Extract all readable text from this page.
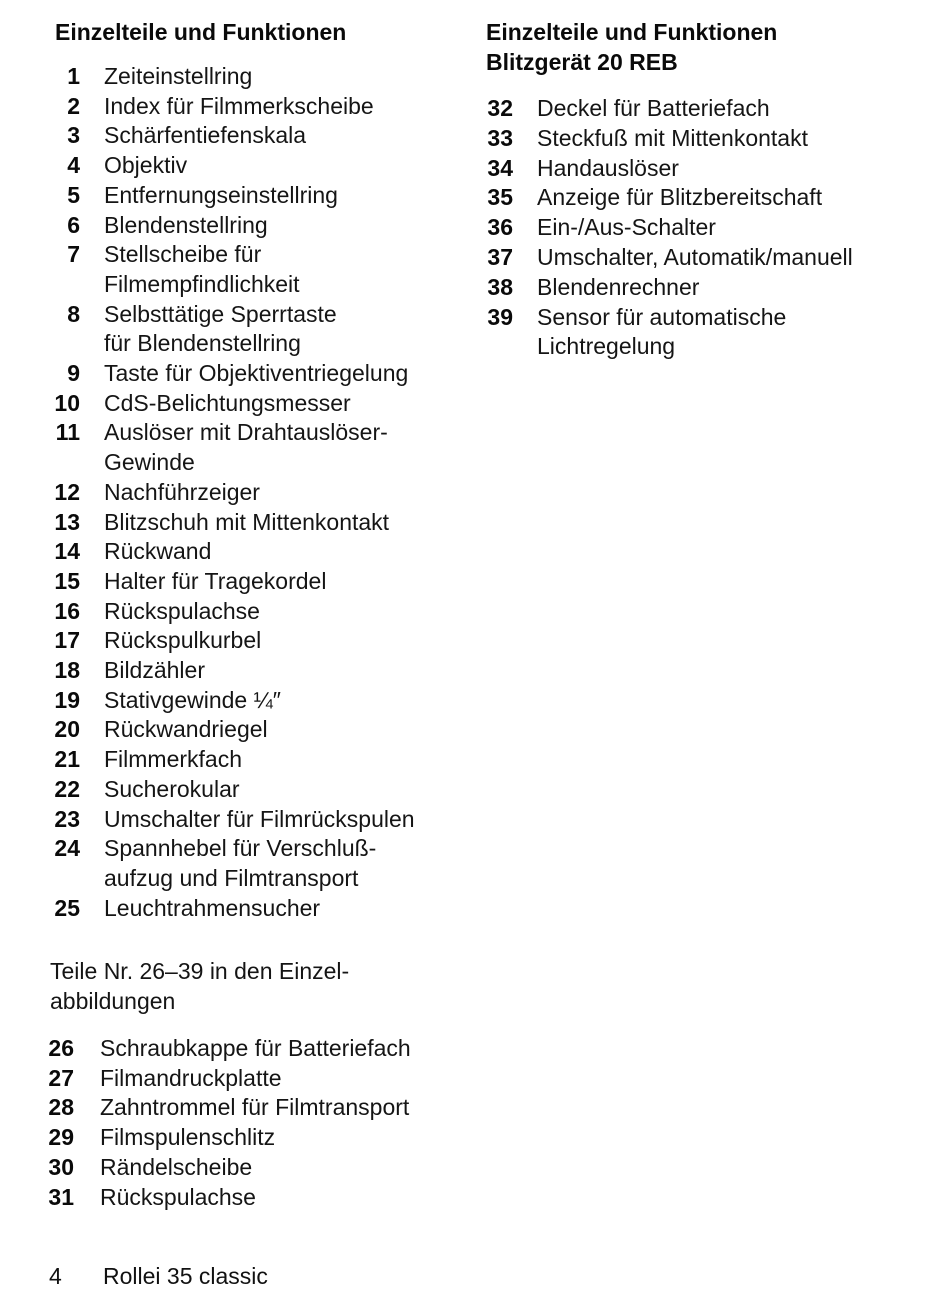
Einzelteile und Funktionen
1 Zeiteinstellring
2 Index für Filmmerkscheibe
3 Schärfentiefenskala
4 Objektiv
5 Entfernungseinstellring
6 Blendenstellring
7 Stellscheibe für
Filmempfindlichkeit
8 Selbsttätige Sperrtaste
für Blendenstellring
9 Taste für Objektiventriegelung
10 CdS-Belichtungsmesser
11 Auslöser mit Drahtauslöser-
Gewinde
12 Nachführzeiger
13 Blitzschuh mit Mittenkontakt
14 Rückwand
15 Halter für Tragekordel
16 Rückspulachse
17 Rückspulkurbel
18 Bildzähler
19 Stativgewinde ¼″
20 Rückwandriegel
21 Filmmerkfach
22 Sucherokular
23 Umschalter für Filmrückspulen
24 Spannhebel für Verschluß-
aufzug und Filmtransport
25 Leuchtrahmensucher

Teile Nr. 26–39 in den Einzel-
abbildungen

26 Schraubkappe für Batteriefach
27 Filmandruckplatte
28 Zahntrommel für Filmtransport
29 Filmspulenschlitz
30 Rändelscheibe
31 Rückspulachse
Einzelteile und Funktionen
Blitzgerät 20 REB
32 Deckel für Batteriefach
33 Steckfuß mit Mittenkontakt
34 Handauslöser
35 Anzeige für Blitzbereitschaft
36 Ein-/Aus-Schalter
37 Umschalter, Automatik/manuell
38 Blendenrechner
39 Sensor für automatische
Lichtregelung
4 Rollei 35 classic
